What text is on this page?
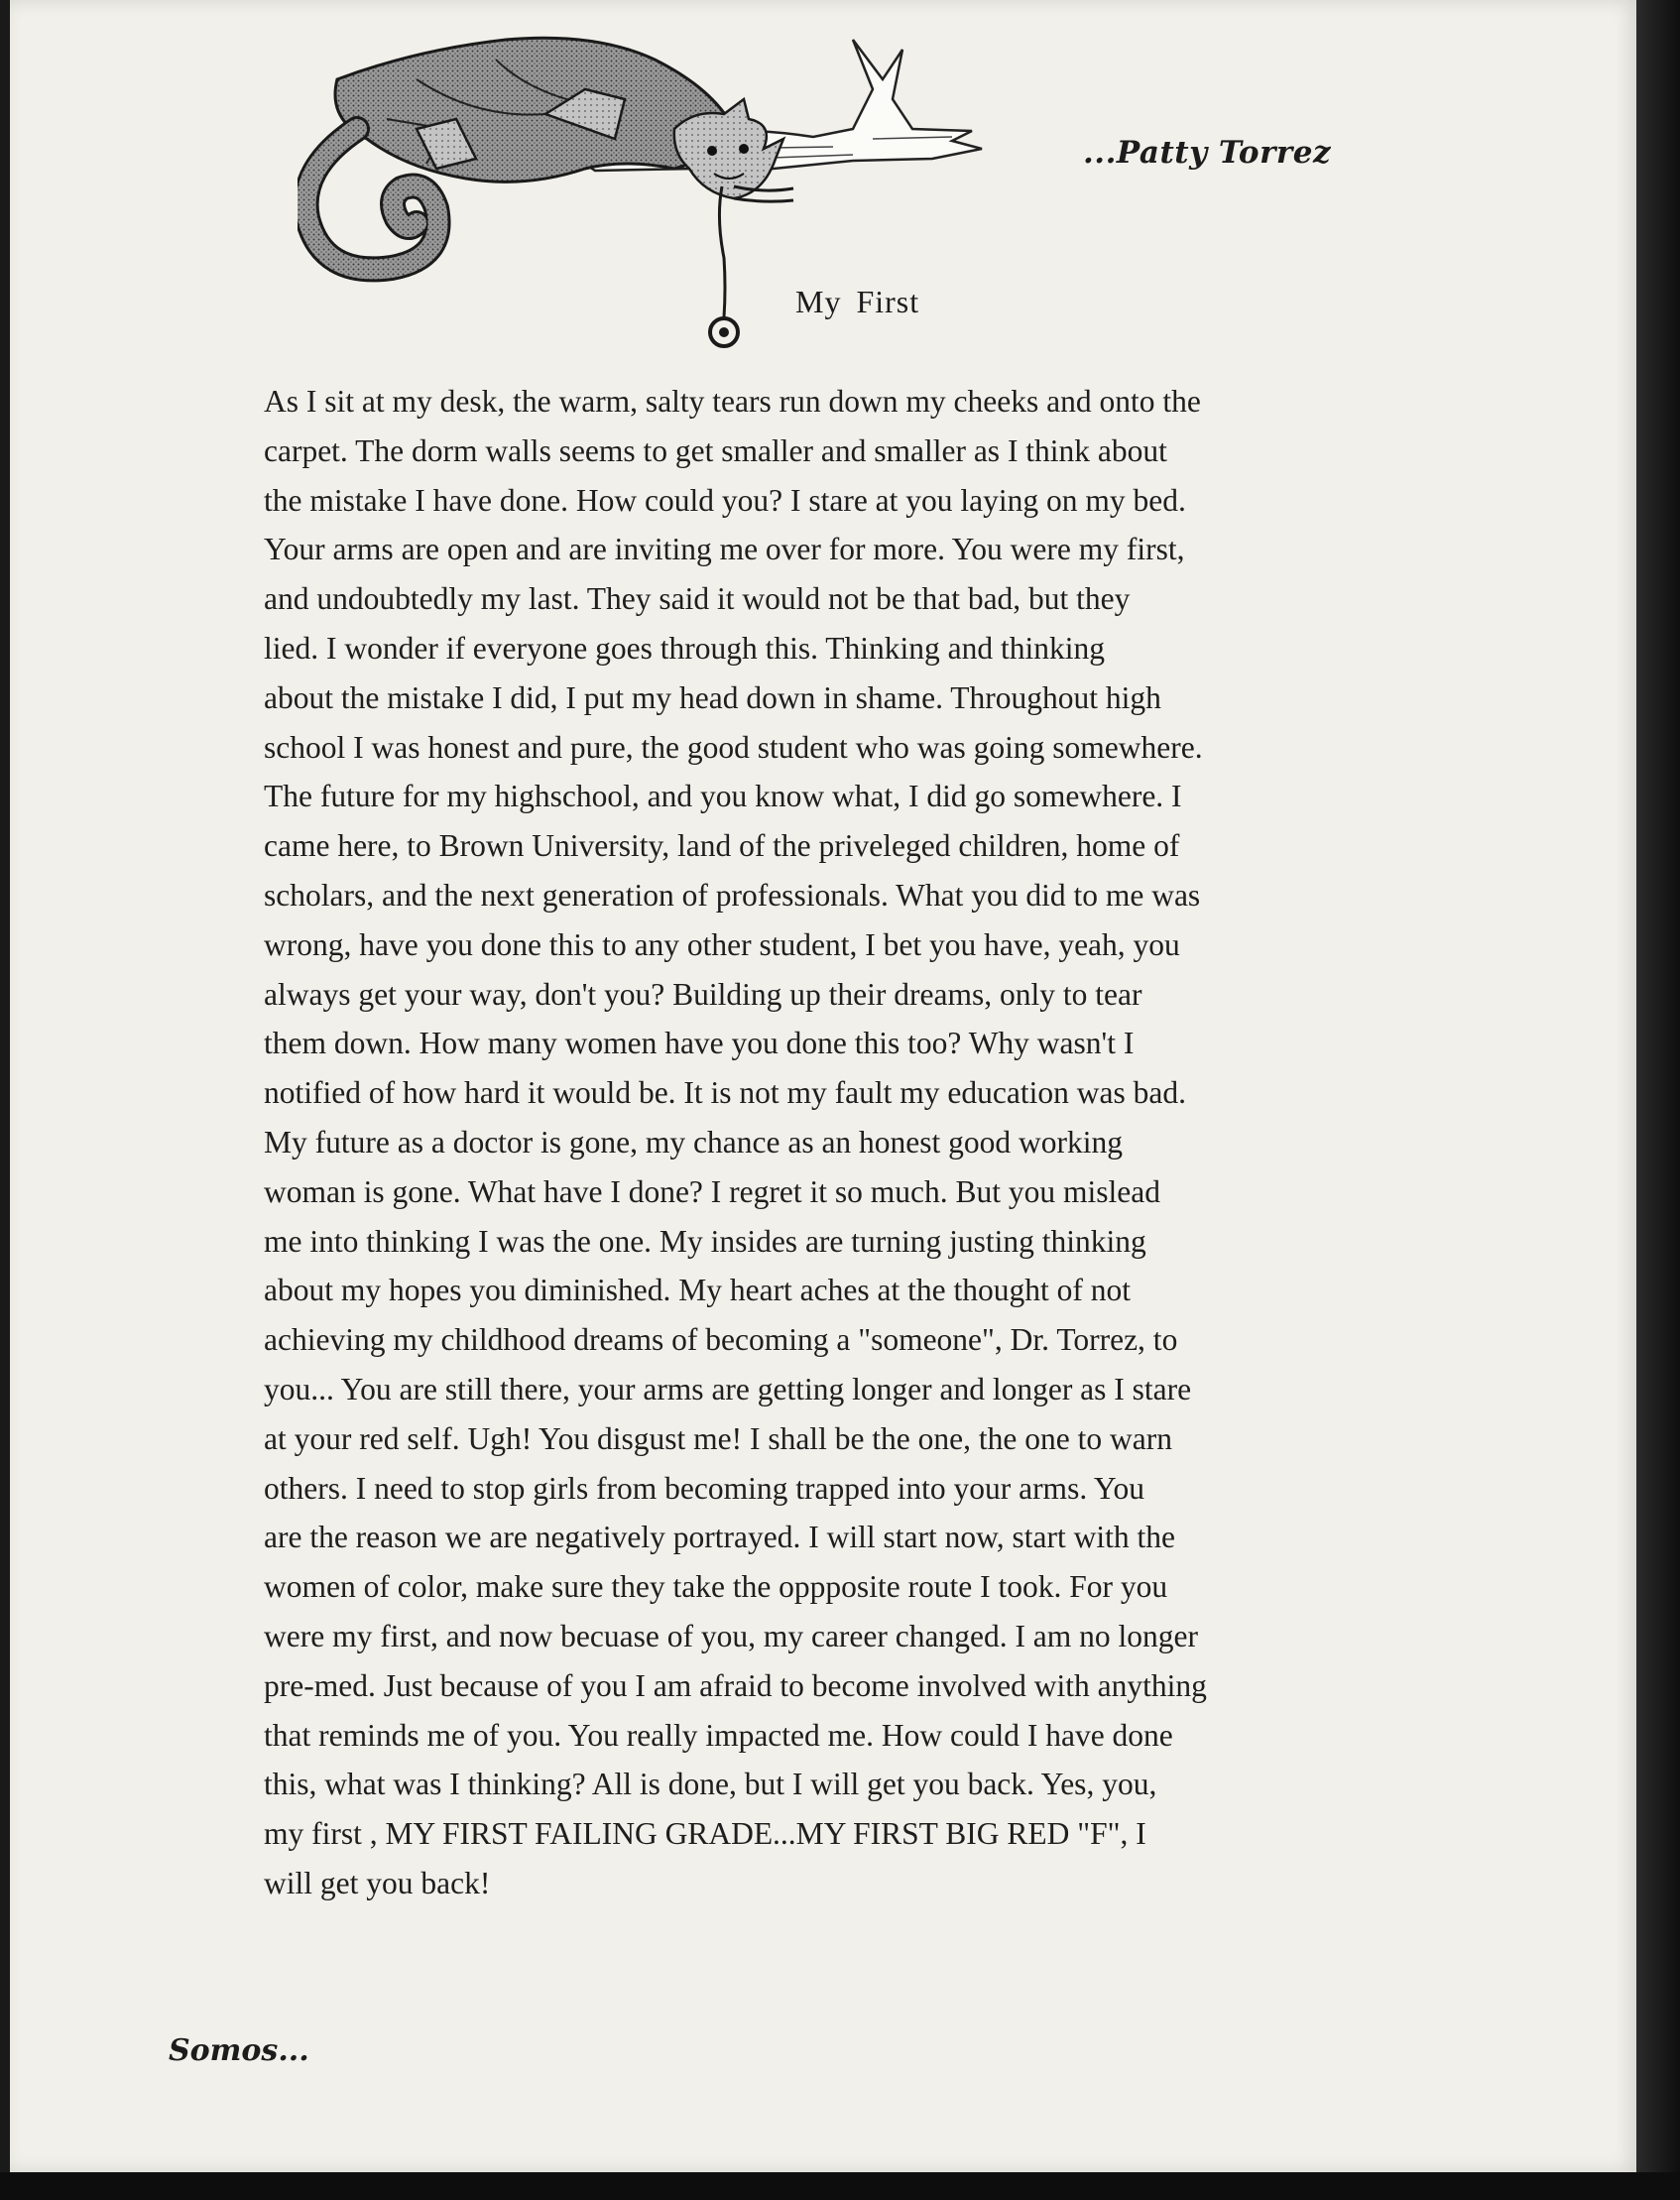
...Patty Torrez
My First
As I sit at my desk, the warm, salty tears run down my cheeks and onto the
carpet. The dorm walls seems to get smaller and smaller as I think about
the mistake I have done. How could you? I stare at you laying on my bed.
Your arms are open and are inviting me over for more. You were my first,
and undoubtedly my last. They said it would not be that bad, but they
lied. I wonder if everyone goes through this. Thinking and thinking
about the mistake I did, I put my head down in shame. Throughout high
school I was honest and pure, the good student who was going somewhere.
The future for my highschool, and you know what, I did go somewhere. I
came here, to Brown University, land of the priveleged children, home of
scholars, and the next generation of professionals. What you did to me was
wrong, have you done this to any other student, I bet you have, yeah, you
always get your way, don't you? Building up their dreams, only to tear
them down. How many women have you done this too? Why wasn't I
notified of how hard it would be. It is not my fault my education was bad.
My future as a doctor is gone, my chance as an honest good working
woman is gone. What have I done? I regret it so much. But you mislead
me into thinking I was the one. My insides are turning justing thinking
about my hopes you diminished. My heart aches at the thought of not
achieving my childhood dreams of becoming a "someone", Dr. Torrez, to
you... You are still there, your arms are getting longer and longer as I stare
at your red self. Ugh! You disgust me! I shall be the one, the one to warn
others. I need to stop girls from becoming trapped into your arms. You
are the reason we are negatively portrayed. I will start now, start with the
women of color, make sure they take the oppposite route I took. For you
were my first, and now becuase of you, my career changed. I am no longer
pre-med. Just because of you I am afraid to become involved with anything
that reminds me of you. You really impacted me. How could I have done
this, what was I thinking? All is done, but I will get you back. Yes, you,
my first , MY FIRST FAILING GRADE...MY FIRST BIG RED "F", I
will get you back!
Somos...
